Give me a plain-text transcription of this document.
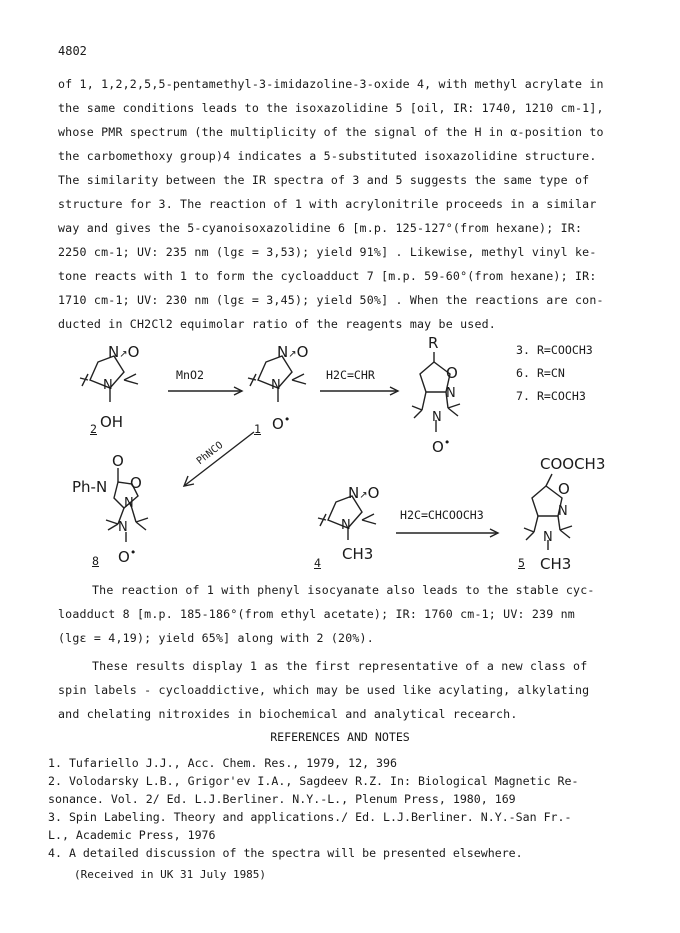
4802
of 1, 1,2,2,5,5-pentamethyl-3-imidazoline-3-oxide 4, with methyl acrylate in
the same conditions leads to the isoxazolidine 5 [oil, IR: 1740, 1210 cm-1],
whose PMR spectrum (the multiplicity of the signal of the H in α-position to
the carbomethoxy group)4 indicates a 5-substituted isoxazolidine structure.
The similarity between the IR spectra of 3 and 5 suggests the same type of
structure for 3. The reaction of 1 with acrylonitrile proceeds in a similar
way and gives the 5-cyanoisoxazolidine 6 [m.p. 125-127°(from hexane); IR:
2250 cm-1; UV: 235 nm (lgε = 3,53); yield 91%] . Likewise, methyl vinyl ke-
tone reacts with 1 to form the cycloadduct 7 [m.p. 59-60°(from hexane); IR:
1710 cm-1; UV: 230 nm (lgε = 3,45); yield 50%] . When the reactions are con-
ducted in CH2Cl2 equimolar ratio of the reagents may be used.
N↗O
N
OH
2
MnO2
N↗O
N
O•
1
H2C=CHR
R
O
N
N
O•
3. R=COOCH3
6. R=CN
7. R=COCH3
PhNCO
O
Ph-N O
N
N
O•
8
N↗O
N
CH3
4
H2C=CHCOOCH3
COOCH3
O
N
N
CH3
5
The reaction of 1 with phenyl isocyanate also leads to the stable cyc-
loadduct 8 [m.p. 185-186°(from ethyl acetate); IR: 1760 cm-1; UV: 239 nm
(lgε = 4,19); yield 65%] along with 2 (20%).
These results display 1 as the first representative of a new class of
spin labels - cycloaddictive, which may be used like acylating, alkylating
and chelating nitroxides in biochemical and analytical recearch.
REFERENCES AND NOTES
1. Tufariello J.J., Acc. Chem. Res., 1979, 12, 396
2. Volodarsky L.B., Grigor'ev I.A., Sagdeev R.Z. In: Biological Magnetic Re-
sonance. Vol. 2/ Ed. L.J.Berliner. N.Y.-L., Plenum Press, 1980, 169
3. Spin Labeling. Theory and applications./ Ed. L.J.Berliner. N.Y.-San Fr.-
L., Academic Press, 1976
4. A detailed discussion of the spectra will be presented elsewhere.
(Received in UK 31 July 1985)
